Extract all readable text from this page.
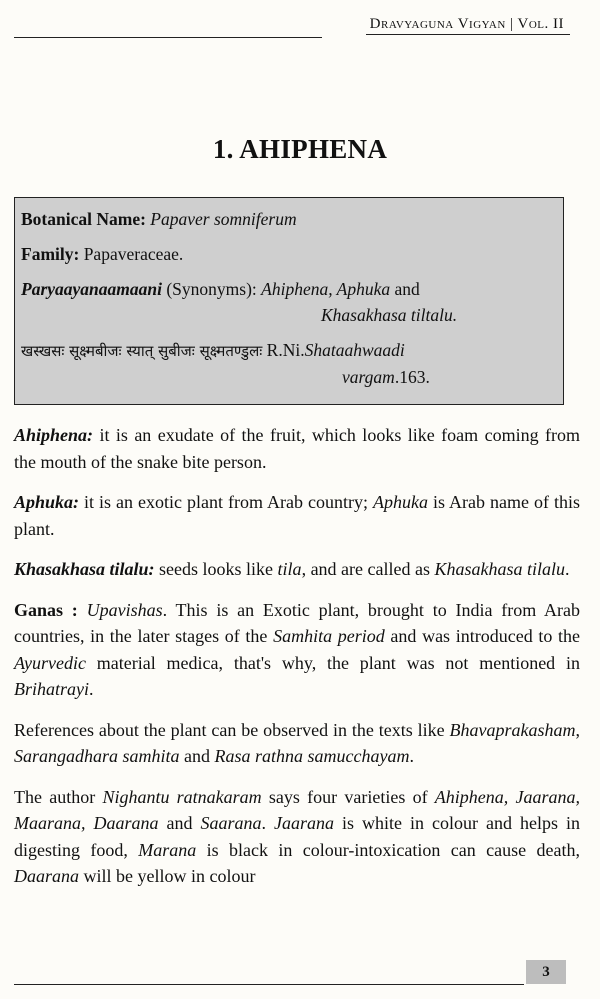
Dravyaguna Vigyan | Vol. II
1. AHIPHENA

Botanical Name: Papaver somniferum

Family: Papaveraceae.

Paryaayanaamaani (Synonyms): Ahiphena, Aphuka and
Khasakhasa tiltalu.

खस्खसः सूक्ष्मबीजः स्यात् सुबीजः सूक्ष्मतण्डुलः R.Ni.Shataahwaadi
vargam.163.

Ahiphena: it is an exudate of the fruit, which looks like foam coming from the mouth of the snake bite person.

Aphuka: it is an exotic plant from Arab country; Aphuka is Arab name of this plant.

Khasakhasa tilalu: seeds looks like tila, and are called as Khasakhasa tilalu.

Ganas : Upavishas. This is an Exotic plant, brought to India from Arab countries, in the later stages of the Samhita period and was introduced to the Ayurvedic material medica, that's why, the plant was not mentioned in Brihatrayi.

References about the plant can be observed in the texts like Bhavaprakasham, Sarangadhara samhita and Rasa rathna samucchayam.

The author Nighantu ratnakaram says four varieties of Ahiphena, Jaarana, Maarana, Daarana and Saarana. Jaarana is white in colour and helps in digesting food, Marana is black in colour-intoxication can cause death, Daarana will be yellow in colour

3
